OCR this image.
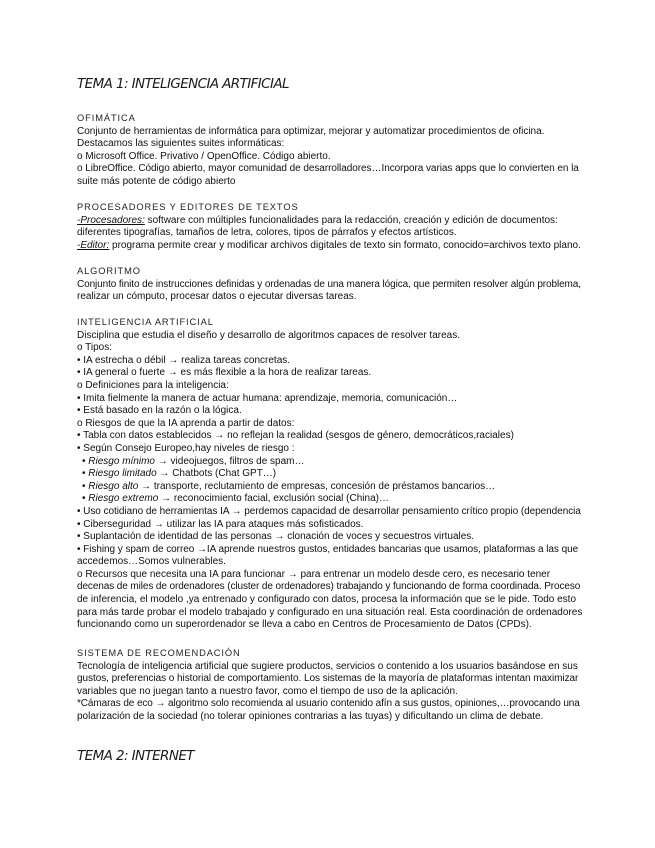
TEMA 1: INTELIGENCIA ARTIFICIAL
OFIMÁTICA
Conjunto de herramientas de informática para optimizar, mejorar y automatizar procedimientos de oficina.
Destacamos las siguientes suites informáticas:
o Microsoft Office. Privativo / OpenOffice. Código abierto.
o LibreOffice. Código abierto, mayor comunidad de desarrolladores…Incorpora varias apps que lo convierten en la
suite más potente de código abierto
PROCESADORES Y EDITORES DE TEXTOS
-Procesadores: software con múltiples funcionalidades para la redacción, creación y edición de documentos:
diferentes tipografías, tamaños de letra, colores, tipos de párrafos y efectos artísticos.
-Editor: programa permite crear y modificar archivos digitales de texto sin formato, conocido=archivos texto plano.
ALGORITMO
Conjunto finito de instrucciones definidas y ordenadas de una manera lógica, que permiten resolver algún problema,
realizar un cómputo, procesar datos o ejecutar diversas tareas.
INTELIGENCIA ARTIFICIAL
Disciplina que estudia el diseño y desarrollo de algoritmos capaces de resolver tareas.
o Tipos:
• IA estrecha o débil → realiza tareas concretas.
• IA general o fuerte → es más flexible a la hora de realizar tareas.
o Definiciones para la inteligencia:
• Imita fielmente la manera de actuar humana: aprendizaje, memoria, comunicación…
• Está basado en la razón o la lógica.
o Riesgos de que la IA aprenda a partir de datos:
• Tabla con datos establecidos → no reflejan la realidad (sesgos de género, democráticos,raciales)
• Según Consejo Europeo,hay niveles de riesgo :
• Riesgo mínimo → videojuegos, filtros de spam…
• Riesgo limitado → Chatbots (Chat GPT…)
• Riesgo alto → transporte, reclutamiento de empresas, concesión de préstamos bancarios…
• Riesgo extremo → reconocimiento facial, exclusión social (China)…
• Uso cotidiano de herramientas IA → perdemos capacidad de desarrollar pensamiento crítico propio (dependencia
• Ciberseguridad → utilizar las IA para ataques más sofisticados.
• Suplantación de identidad de las personas → clonación de voces y secuestros virtuales.
• Fishing y spam de correo →IA aprende nuestros gustos, entidades bancarias que usamos, plataformas a las que
accedemos…Somos vulnerables.
o Recursos que necesita una IA para funcionar → para entrenar un modelo desde cero, es necesario tener
decenas de miles de ordenadores (cluster de ordenadores) trabajando y funcionando de forma coordinada. Proceso
de inferencia, el modelo ,ya entrenado y configurado con datos, procesa la información que se le pide. Todo esto
para más tarde probar el modelo trabajado y configurado en una situación real. Esta coordinación de ordenadores
funcionando como un superordenador se lleva a cabo en Centros de Procesamiento de Datos (CPDs).
SISTEMA DE RECOMENDACIÓN
Tecnología de inteligencia artificial que sugiere productos, servicios o contenido a los usuarios basándose en sus
gustos, preferencias o historial de comportamiento. Los sistemas de la mayoría de plataformas intentan maximizar
variables que no juegan tanto a nuestro favor, como el tiempo de uso de la aplicación.
*Cámaras de eco → algoritmo solo recomienda al usuario contenido afín a sus gustos, opiniones,…provocando una
polarización de la sociedad (no tolerar opiniones contrarias a las tuyas) y dificultando un clima de debate.
TEMA 2: INTERNET
